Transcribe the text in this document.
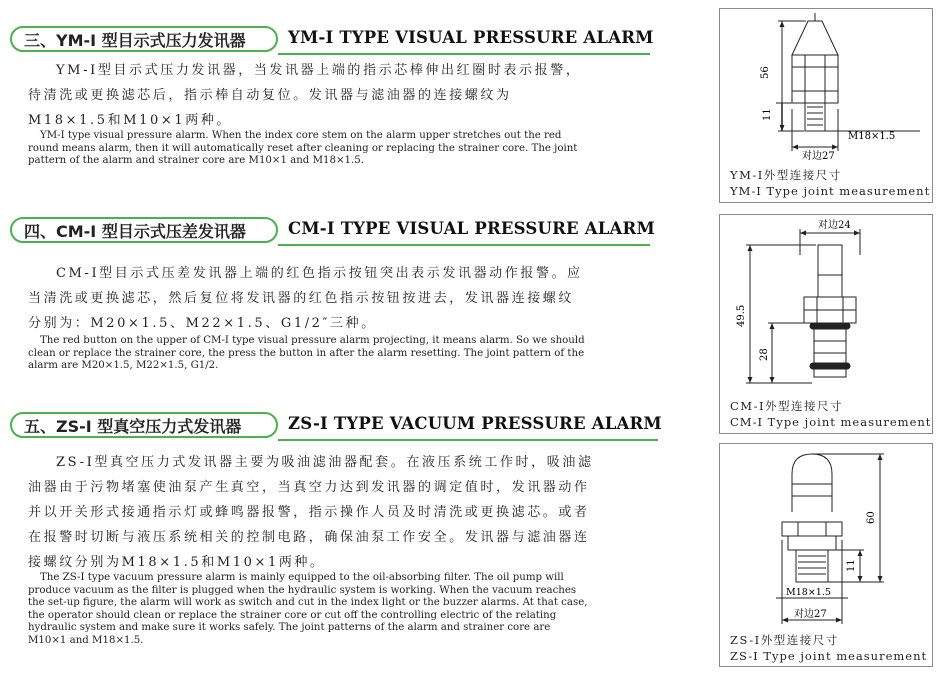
三、YM-I 型目示式压力发讯器	YM-I TYPE VISUAL PRESSURE ALARM
YM-I型目示式压力发讯器，当发讯器上端的指示芯棒伸出红圈时表示报警，待清洗或更换滤芯后，指示棒自动复位。发讯器与滤油器的连接螺纹为M18×1.5和M10×1两种。
YM-I type visual pressure alarm. When the index core stem on the alarm upper stretches out the red round means alarm, then it will automatically reset after cleaning or replacing the strainer core. The joint pattern of the alarm and strainer core are M10×1 and M18×1.5.
四、CM-I 型目示式压差发讯器	CM-I TYPE VISUAL PRESSURE ALARM
CM-I型目示式压差发讯器上端的红色指示按钮突出表示发讯器动作报警。应当清洗或更换滤芯，然后复位将发讯器的红色指示按钮按进去，发讯器连接螺纹分别为：M20×1.5、M22×1.5、G1/2″三种。
The red button on the upper of CM-I type visual pressure alarm projecting, it means alarm. So we should clean or replace the strainer core, the press the button in after the alarm resetting. The joint pattern of the alarm are M20×1.5, M22×1.5, G1/2.
五、ZS-I 型真空压力式发讯器	ZS-I TYPE VACUUM PRESSURE ALARM
ZS-I型真空压力式发讯器主要为吸油滤油器配套。在液压系统工作时，吸油滤油器由于污物堵塞使油泵产生真空，当真空力达到发讯器的调定值时，发讯器动作并以开关形式接通指示灯或蜂鸣器报警，指示操作人员及时清洗或更换滤芯。或者在报警时切断与液压系统相关的控制电路，确保油泵工作安全。发讯器与滤油器连接螺纹分别为M18×1.5和M10×1两种。
The ZS-I type vacuum pressure alarm is mainly equipped to the oil-absorbing filter. The oil pump will produce vacuum as the filter is plugged when the hydraulic system is working. When the vacuum reaches the set-up figure, the alarm will work as switch and cut in the index light or the buzzer alarms. At that case, the operator should clean or replace the strainer core or cut off the controlling electric of the relating hydraulic system and make sure it works safely. The joint patterns of the alarm and strainer core are M10×1 and M18×1.5.
56
11
M18×1.5
对边27
YM-I外型连接尺寸
YM-I Type joint measurement
对边24
49.5
28
CM-I外型连接尺寸
CM-I Type joint measurement
60
11
M18×1.5
对边27
ZS-I外型连接尺寸
ZS-I Type joint measurement
